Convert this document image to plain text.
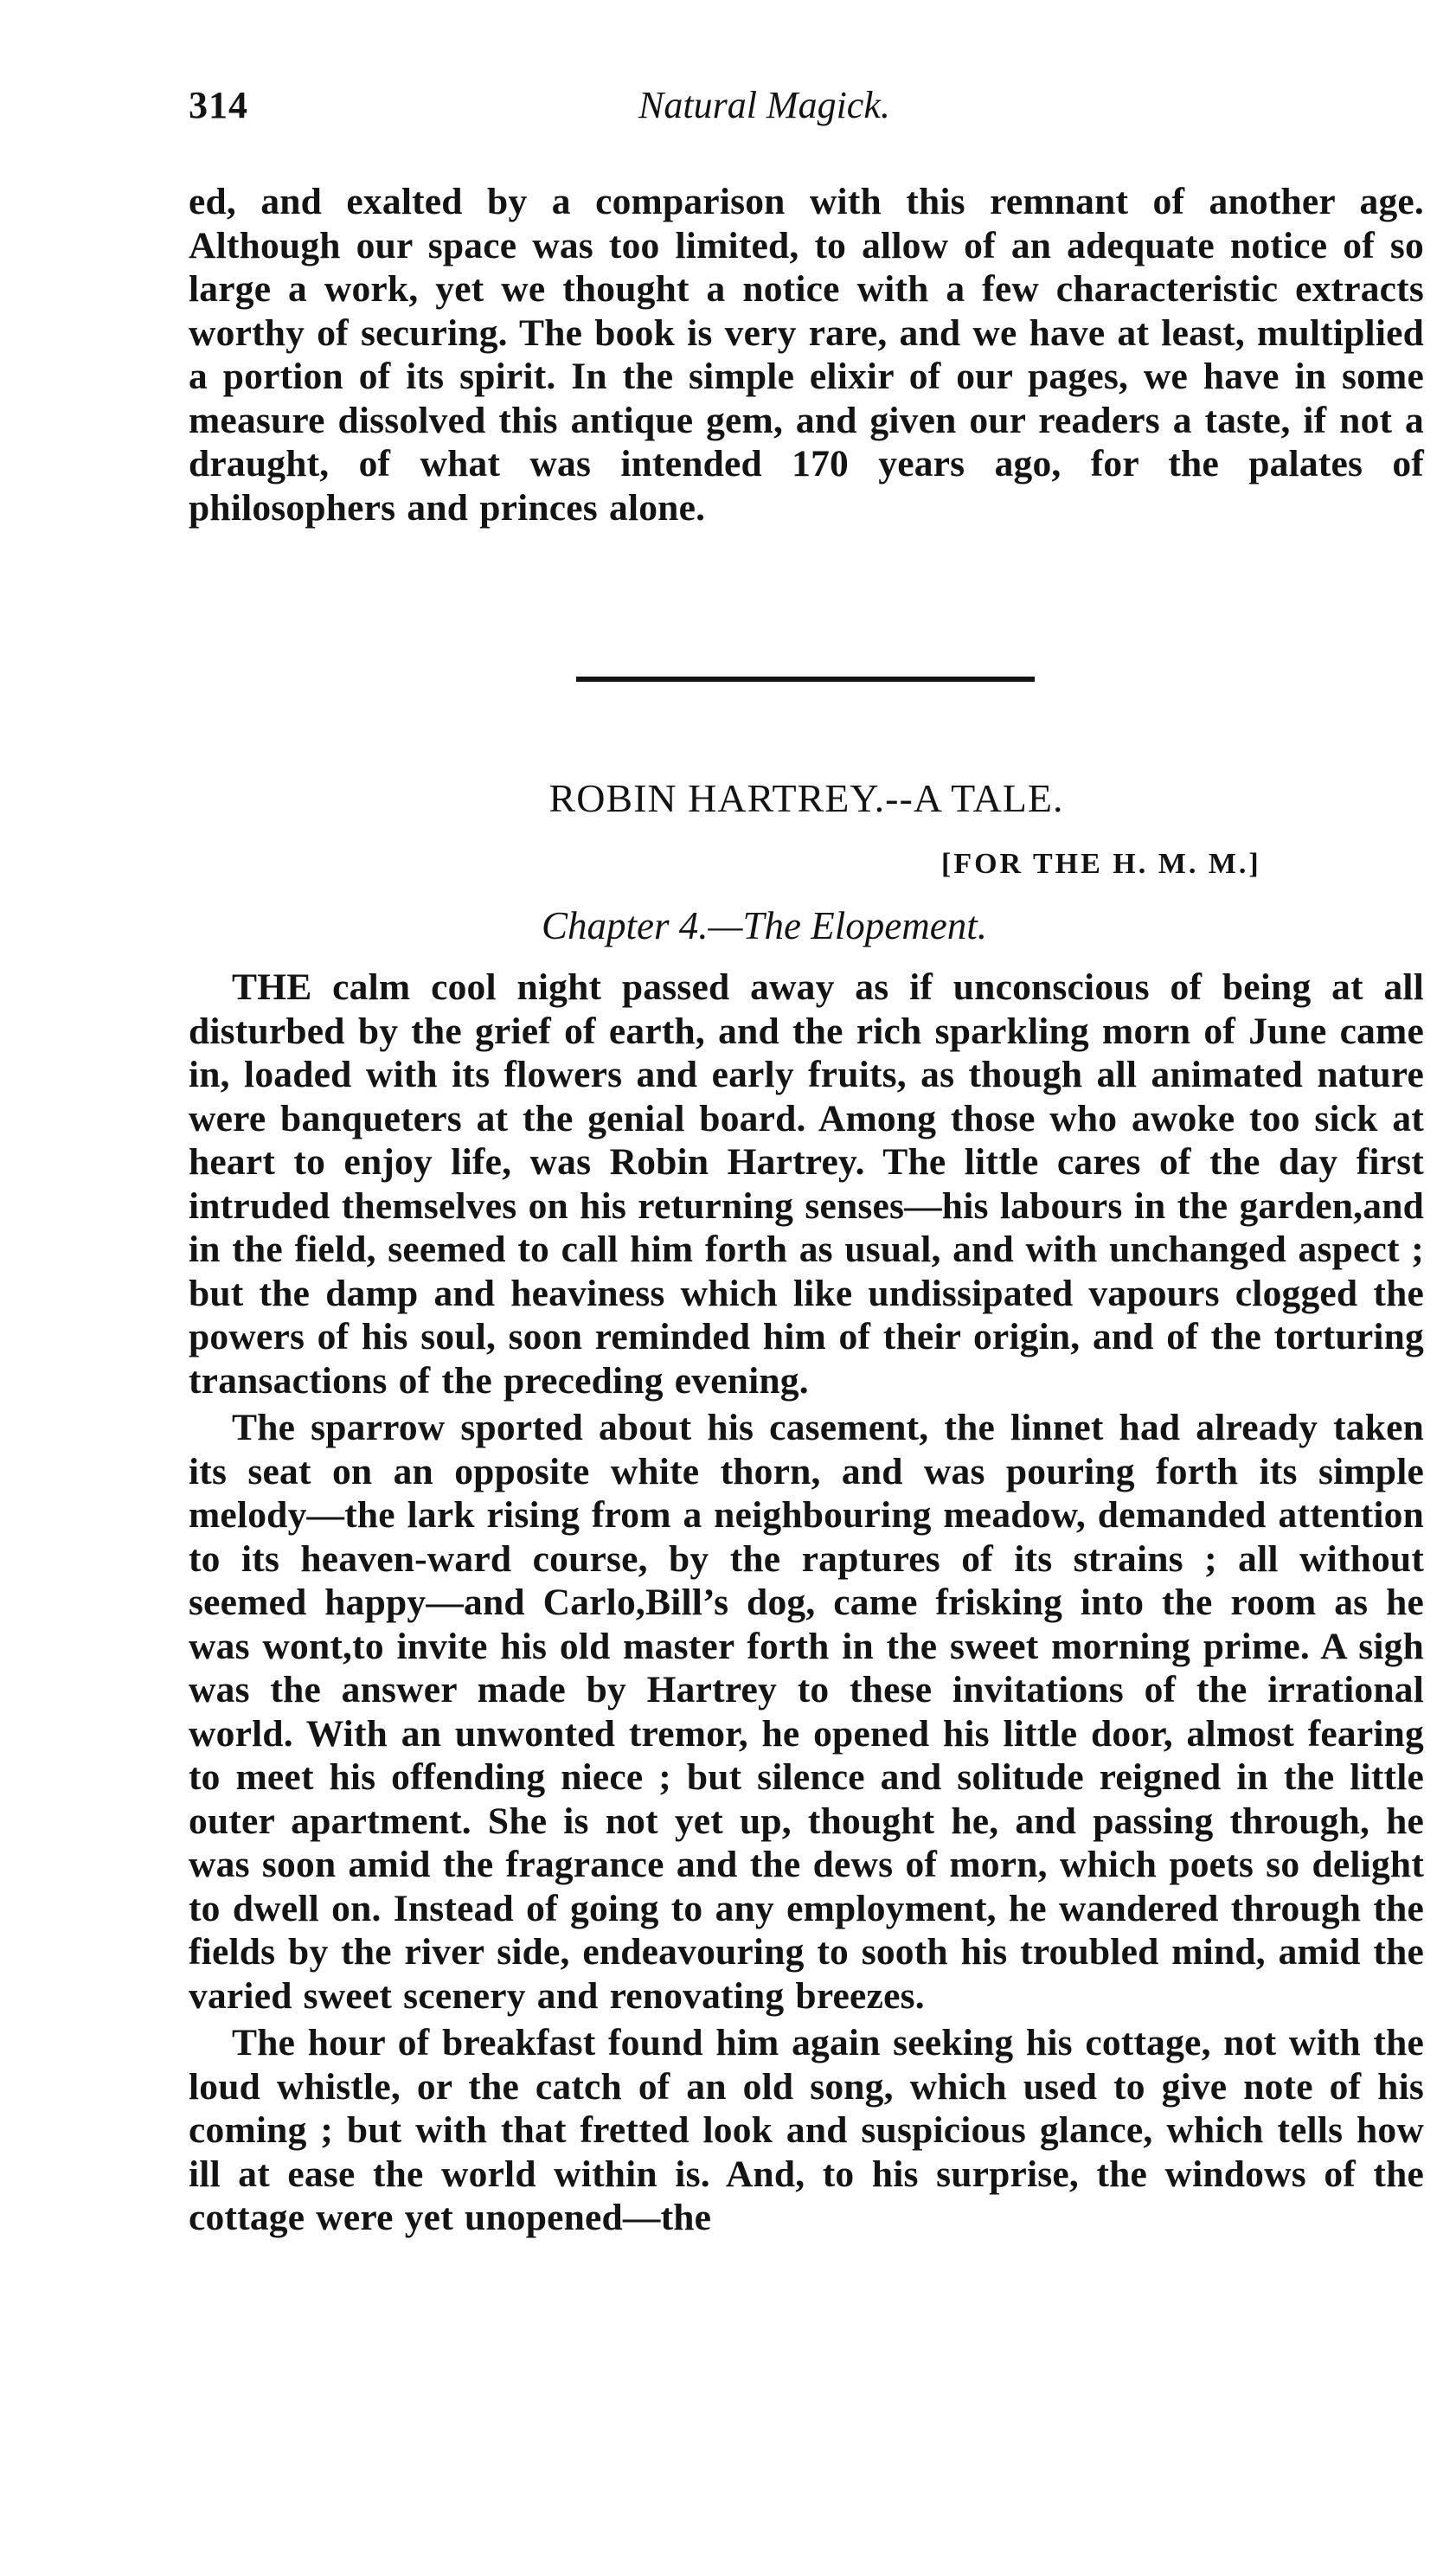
314	Natural Magick.

ed, and exalted by a comparison with this remnant of another age. Although our space was too limited, to allow of an adequate notice of so large a work, yet we thought a notice with a few characteristic extracts worthy of securing. The book is very rare, and we have at least, multiplied a portion of its spirit. In the simple elixir of our pages, we have in some measure dissolved this antique gem, and given our readers a taste, if not a draught, of what was intended 170 years ago, for the palates of philosophers and princes alone.

ROBIN HARTREY.--A TALE.
[FOR THE H. M. M.]
Chapter 4.—The Elopement.

THE calm cool night passed away as if unconscious of being at all disturbed by the grief of earth, and the rich sparkling morn of June came in, loaded with its flowers and early fruits, as though all animated nature were banqueters at the genial board. Among those who awoke too sick at heart to enjoy life, was Robin Hartrey. The little cares of the day first intruded themselves on his returning senses—his labours in the garden,and in the field, seemed to call him forth as usual, and with unchanged aspect ; but the damp and heaviness which like undissipated vapours clogged the powers of his soul, soon reminded him of their origin, and of the torturing transactions of the preceding evening.

The sparrow sported about his casement, the linnet had already taken its seat on an opposite white thorn, and was pouring forth its simple melody—the lark rising from a neighbouring meadow, demanded attention to its heaven-ward course, by the raptures of its strains ; all without seemed happy—and Carlo,Bill’s dog, came frisking into the room as he was wont,to invite his old master forth in the sweet morning prime. A sigh was the answer made by Hartrey to these invitations of the irrational world. With an unwonted tremor, he opened his little door, almost fearing to meet his offending niece ; but silence and solitude reigned in the little outer apartment. She is not yet up, thought he, and passing through, he was soon amid the fragrance and the dews of morn, which poets so delight to dwell on. Instead of going to any employment, he wandered through the fields by the river side, endeavouring to sooth his troubled mind, amid the varied sweet scenery and renovating breezes.

The hour of breakfast found him again seeking his cottage, not with the loud whistle, or the catch of an old song, which used to give note of his coming ; but with that fretted look and suspicious glance, which tells how ill at ease the world within is. And, to his surprise, the windows of the cottage were yet unopened—the
